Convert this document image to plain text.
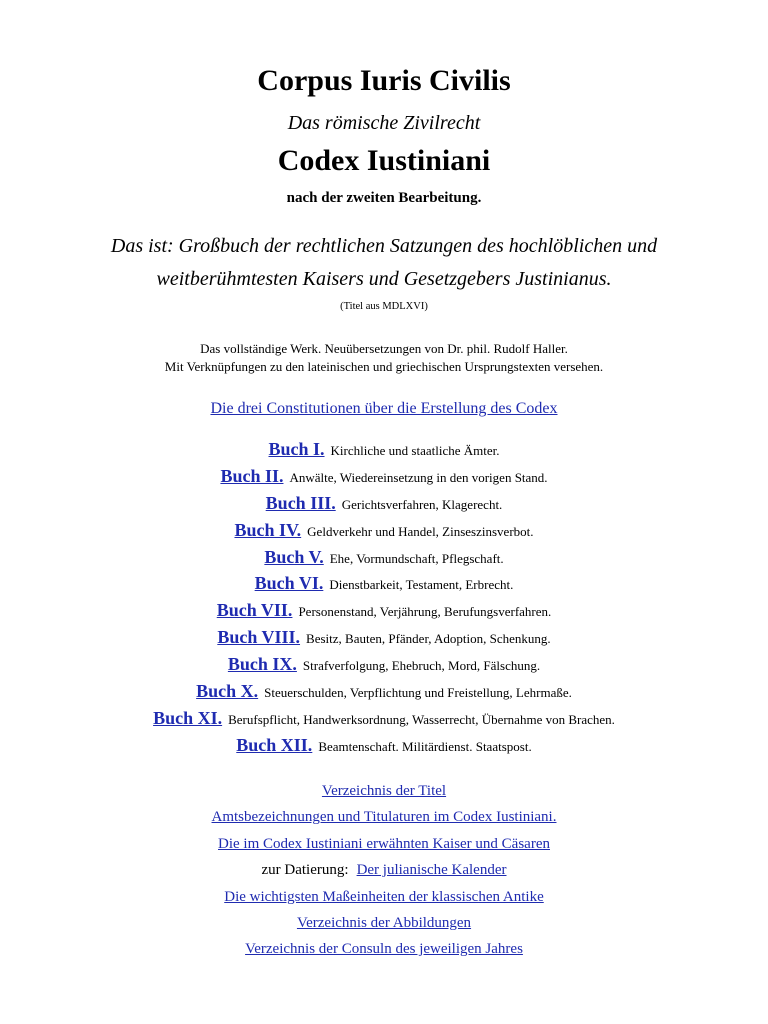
Corpus Iuris Civilis
Das römische Zivilrecht
Codex Iustiniani
nach der zweiten Bearbeitung.
Das ist: Großbuch der rechtlichen Satzungen des hochlöblichen und
weitberühmtesten Kaisers und Gesetzgebers Justinianus.
(Titel aus MDLXVI)
Das vollständige Werk. Neuübersetzungen von Dr. phil. Rudolf Haller.
Mit Verknüpfungen zu den lateinischen und griechischen Ursprungstexten versehen.
Die drei Constitutionen über die Erstellung des Codex
Buch I. Kirchliche und staatliche Ämter.
Buch II. Anwälte, Wiedereinsetzung in den vorigen Stand.
Buch III. Gerichtsverfahren, Klagerecht.
Buch IV. Geldverkehr und Handel, Zinseszinsverbot.
Buch V. Ehe, Vormundschaft, Pflegschaft.
Buch VI. Dienstbarkeit, Testament, Erbrecht.
Buch VII. Personenstand, Verjährung, Berufungsverfahren.
Buch VIII. Besitz, Bauten, Pfänder, Adoption, Schenkung.
Buch IX. Strafverfolgung, Ehebruch, Mord, Fälschung.
Buch X. Steuerschulden, Verpflichtung und Freistellung, Lehrmaße.
Buch XI. Berufspflicht, Handwerksordnung, Wasserrecht, Übernahme von Brachen.
Buch XII. Beamtenschaft. Militärdienst. Staatspost.
Verzeichnis der Titel
Amtsbezeichnungen und Titulaturen im Codex Iustiniani.
Die im Codex Iustiniani erwähnten Kaiser und Cäsaren
zur Datierung: Der julianische Kalender
Die wichtigsten Maßeinheiten der klassischen Antike
Verzeichnis der Abbildungen
Verzeichnis der Consuln des jeweiligen Jahres
